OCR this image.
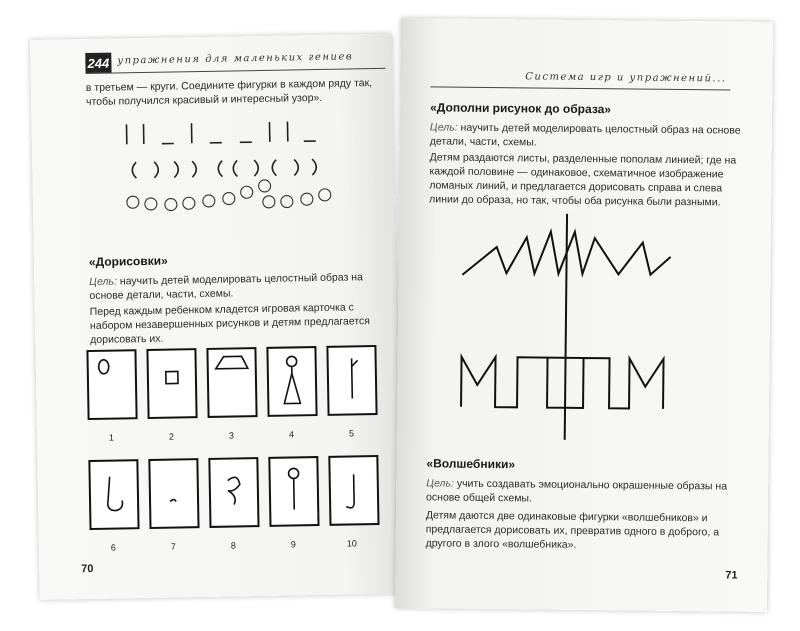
244 упражнения для маленьких гениев
в третьем — круги. Соедините фигурки в каждом ряду так, чтобы получился красивый и интересный узор».
«Дорисовки»
Цель: научить детей моделировать целостный образ на основе детали, части, схемы.
Перед каждым ребенком кладется игровая карточка с набором незавершенных рисунков и детям предлагается дорисовать их.
1	2	3	4	5
6	7	8	9	10
70
Система игр и упражнений...
«Дополни рисунок до образа»
Цель: научить детей моделировать целостный образ на основе детали, части, схемы.
Детям раздаются листы, разделенные пополам линией; где на каждой половине — одинаковое, схематичное изображение ломаных линий, и предлагается дорисовать справа и слева линии до образа, но так, чтобы оба рисунка были разными.
«Волшебники»
Цель: учить создавать эмоционально окрашенные образы на основе общей схемы.
Детям даются две одинаковые фигурки «волшебников» и предлагается дорисовать их, превратив одного в доброго, а другого в злого «волшебника».
71
